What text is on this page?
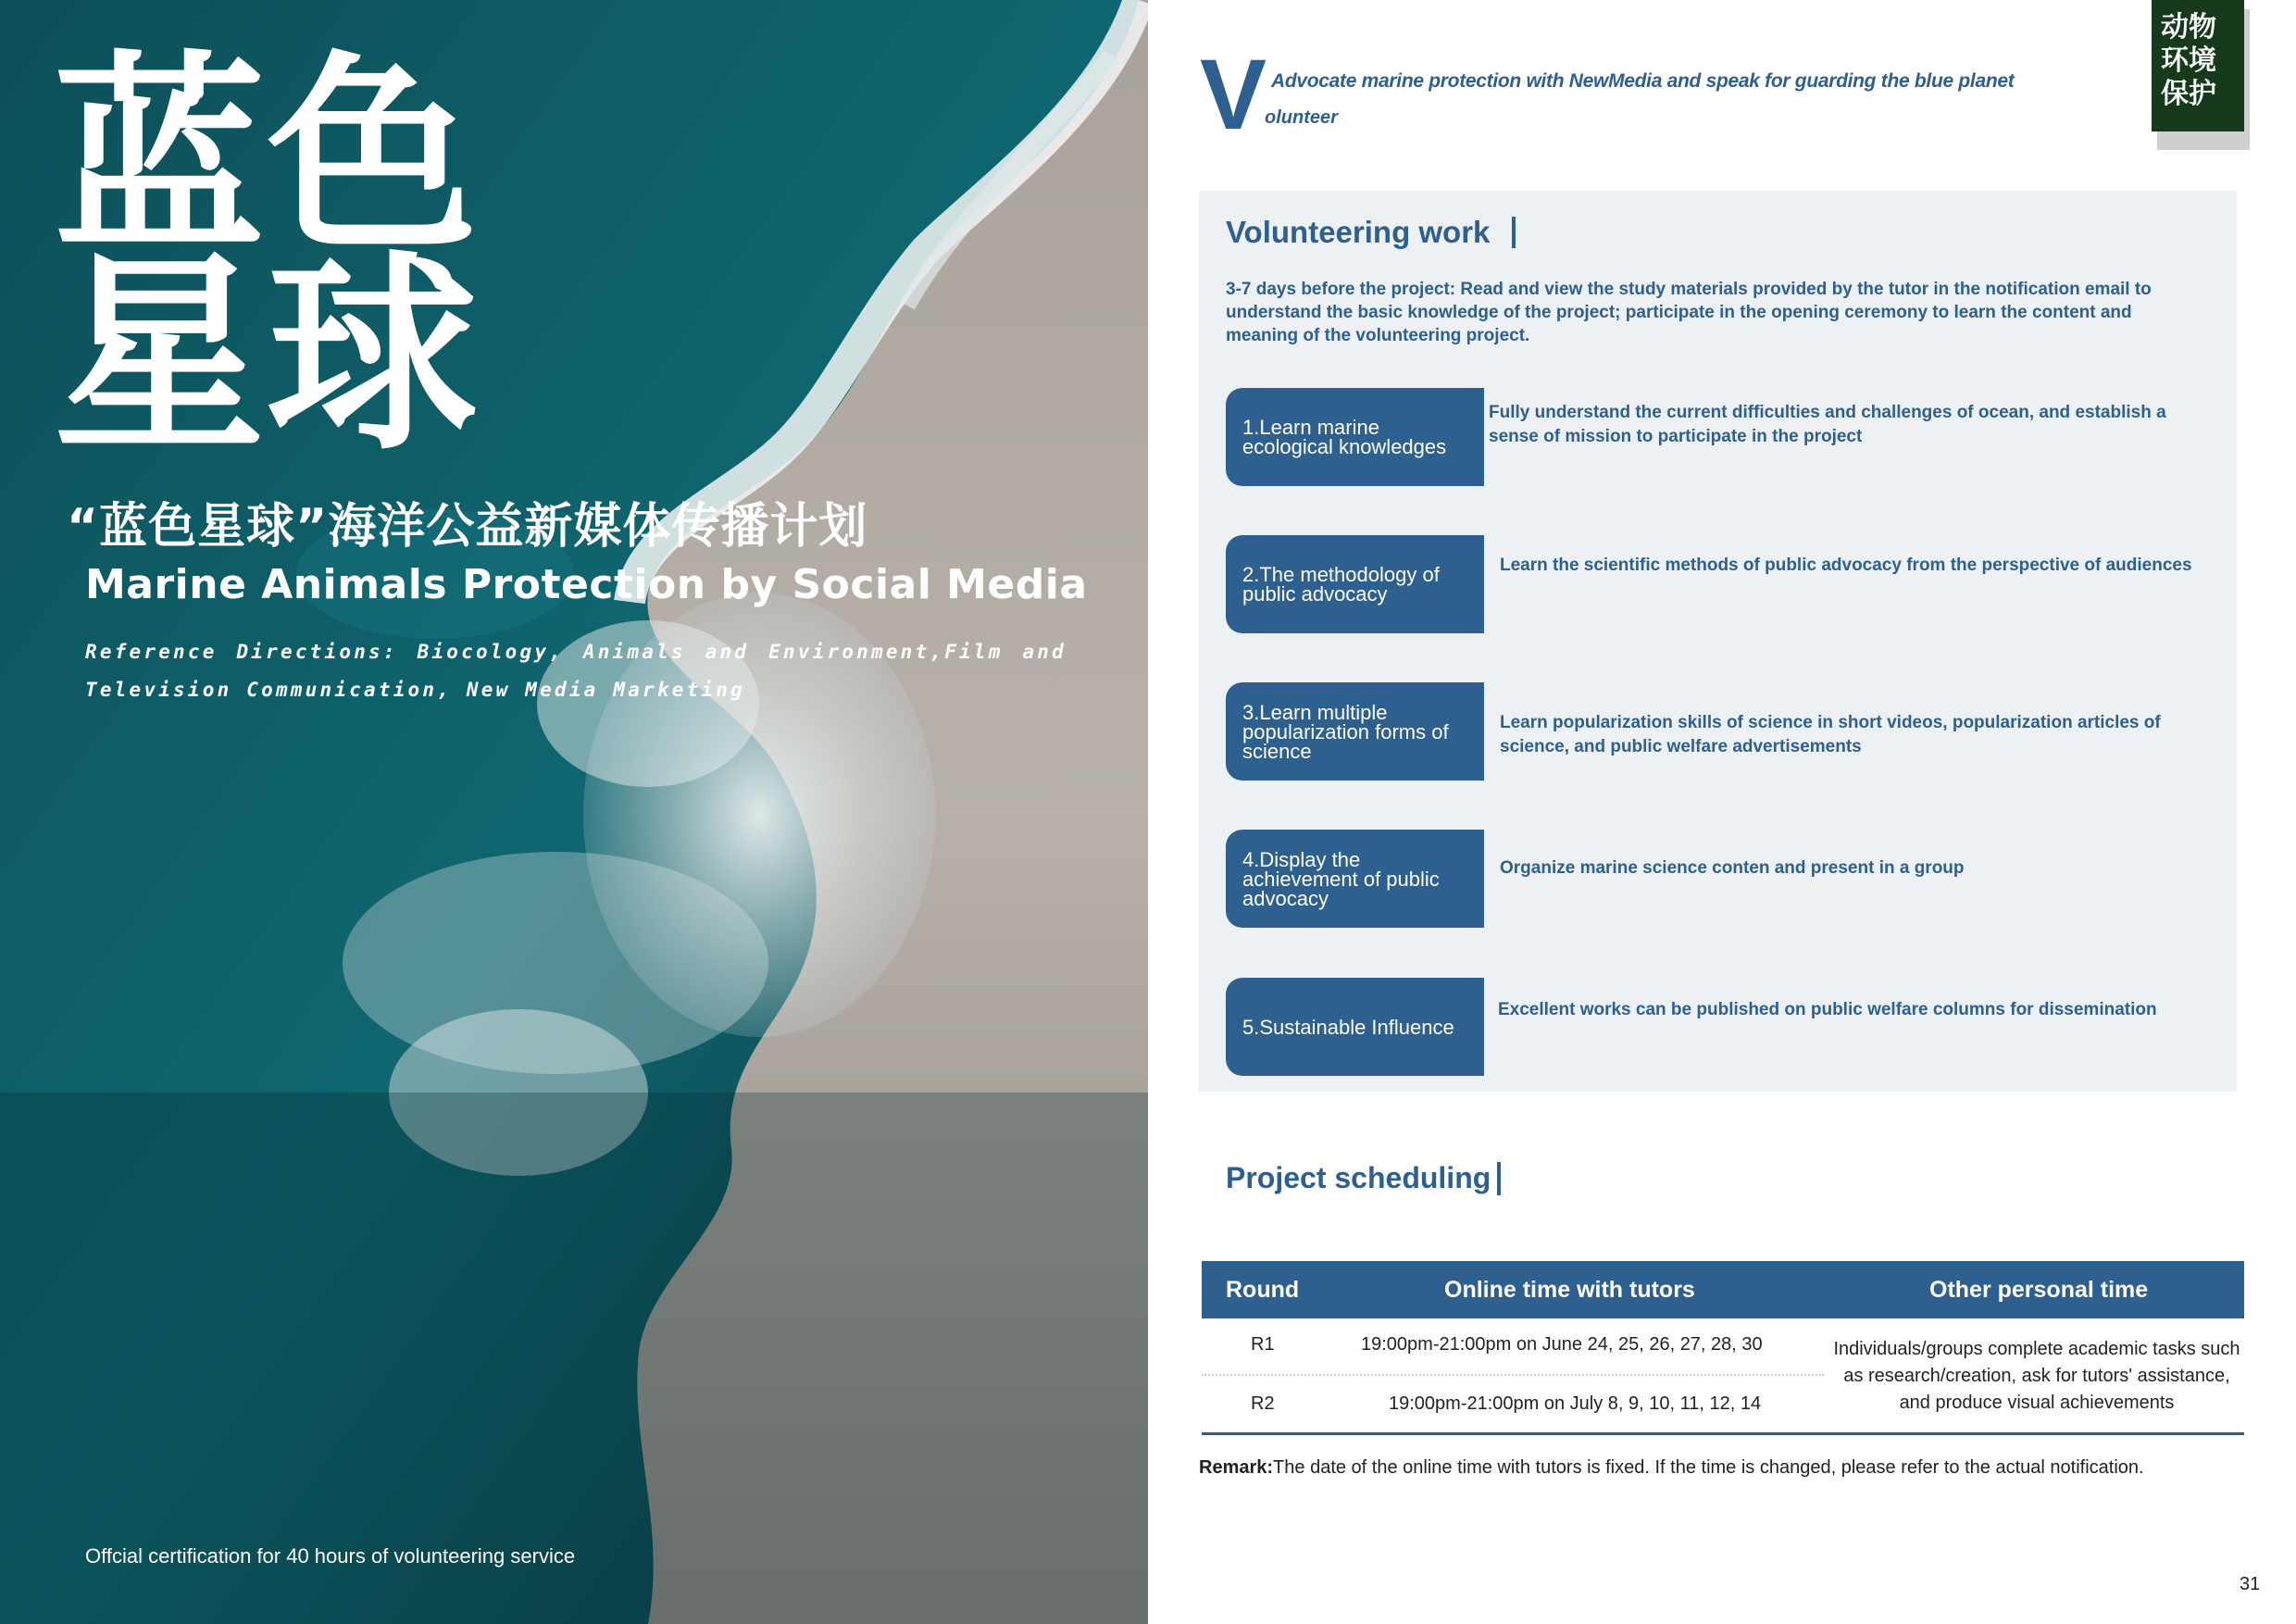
蓝色
星球
“蓝色星球”海洋公益新媒体传播计划
Marine Animals Protection by Social Media
Reference Directions: Biocology, Animals and Environment,Film and Television Communication, New Media Marketing
Offcial certification for 40 hours of volunteering service
V Advocate marine protection with NewMedia and speak for guarding the blue planet
olunteer
动物环境保护
Volunteering work
3-7 days before the project: Read and view the study materials provided by the tutor in the notification email to understand the basic knowledge of the project; participate in the opening ceremony to learn the content and meaning of the volunteering project.
1.Learn marine ecological knowledges
Fully understand the current difficulties and challenges of ocean, and establish a sense of mission to participate in the project
2.The methodology of public advocacy
Learn the scientific methods of public advocacy from the perspective of audiences
3.Learn multiple popularization forms of science
Learn popularization skills of science in short videos, popularization articles of science, and public welfare advertisements
4.Display the achievement of public advocacy
Organize marine science conten and present in a group
5.Sustainable Influence
Excellent works can be published on public welfare columns for dissemination
Project scheduling
Round	Online time with tutors	Other personal time
R1	19:00pm-21:00pm on June 24, 25, 26, 27, 28, 30
R2	19:00pm-21:00pm on July 8, 9, 10, 11, 12, 14
Individuals/groups complete academic tasks such as research/creation, ask for tutors' assistance, and produce visual achievements
Remark:The date of the online time with tutors is fixed. If the time is changed, please refer to the actual notification.
31
